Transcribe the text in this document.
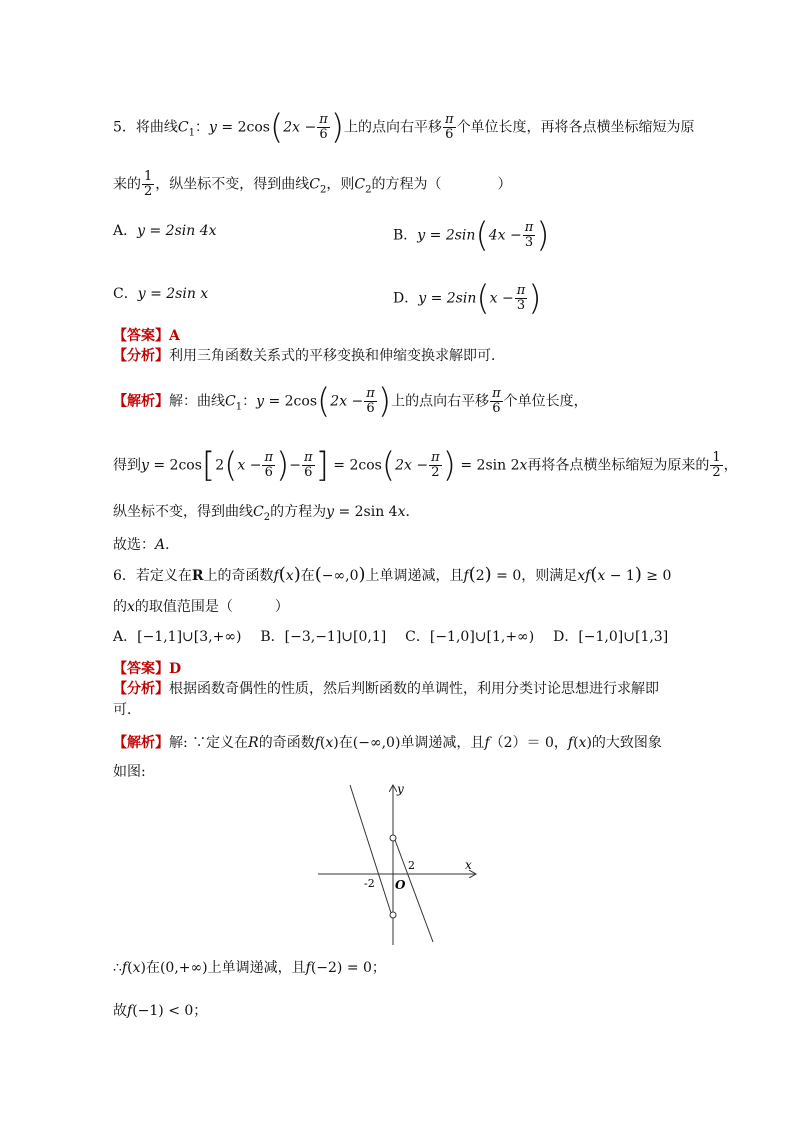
5．将曲线$C_1$：$y = 2\cos(2x - \frac{\pi}{6}$ )上的点向右平移 $\frac{\pi}{6}$ 个单位长度，再将各点横坐标缩短为原
来的 $\frac{1}{2}$ ，纵坐标不变，得到曲线$C_2$，则$C_2$的方程为（　　　　）
A．y = 2sin 4x	B．$y = 2\sin(4x - \frac{\pi}{3}$ )
C．y = 2sin x	D．$y = 2\sin(x - \frac{\pi}{3}$ )
【答案】A
【分析】利用三角函数关系式的平移变换和伸缩变换求解即可．
【解析】解：曲线$C_1$：$y = 2\cos(2x - \frac{\pi}{6}$ )上的点向右平移 $\frac{\pi}{6}$ 个单位长度，
得到$y = 2\cos[2(x - \frac{\pi}{6}$ )− $\frac{\pi}{6}$ ] = $2\cos(2x - \frac{\pi}{2}$ ) = 2sin 2x再将各点横坐标缩短为原来的 $\frac{1}{2}$ ，
纵坐标不变，得到曲线$C_2$的方程为y = 2sin 4x．
故选：A．
6．若定义在R上的奇函数f(x)在(−∞,0)上单调递减，且f(2) = 0，则满足xf(x − 1) ≥ 0
的x的取值范围是（　　　）
A．[−1,1]∪[3,+∞) B．[−3,−1]∪[0,1] C．[−1,0]∪[1,+∞) D．[−1,0]∪[1,3]
【答案】D
【分析】根据函数奇偶性的性质，然后判断函数的单调性，利用分类讨论思想进行求解即
可．
【解析】解: ∵定义在R的奇函数f(x)在(−∞,0)单调递减，且f（2）＝ 0，f(x)的大致图象
如图:
y
x
2
-2 O
∴f(x)在(0,+∞)上单调递减，且f(−2) = 0；
故f(−1) < 0；
